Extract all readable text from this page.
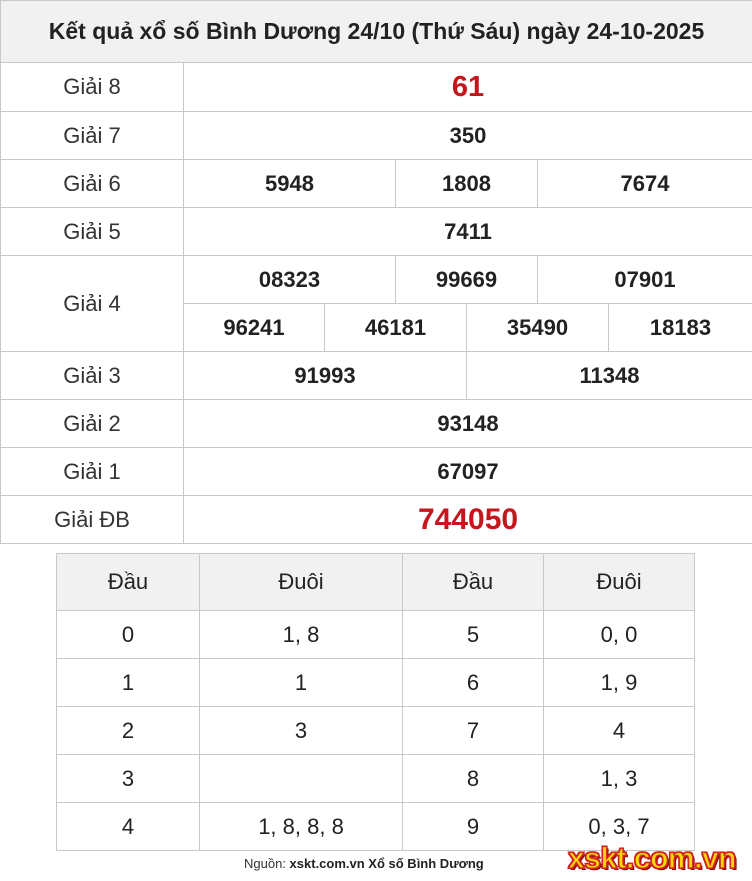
Kết quả xổ số Bình Dương 24/10 (Thứ Sáu) ngày 24-10-2025						
Giải 8	61					
Giải 7	350					
Giải 6	5948		1808		7674	
Giải 5	7411					
Giải 4	08323		99669		07901	
	96241	46181		35490		18183
Giải 3	91993			11348		
Giải 2	93148					
Giải 1	67097					
Giải ĐB	744050					
Đầu	Đuôi	Đầu	Đuôi
0	1, 8	5	0, 0
1	1	6	1, 9
2	3	7	4
3		8	1, 3
4	1, 8, 8, 8	9	0, 3, 7
Nguồn: xskt.com.vn Xổ số Bình Dương	xskt.com.vn
